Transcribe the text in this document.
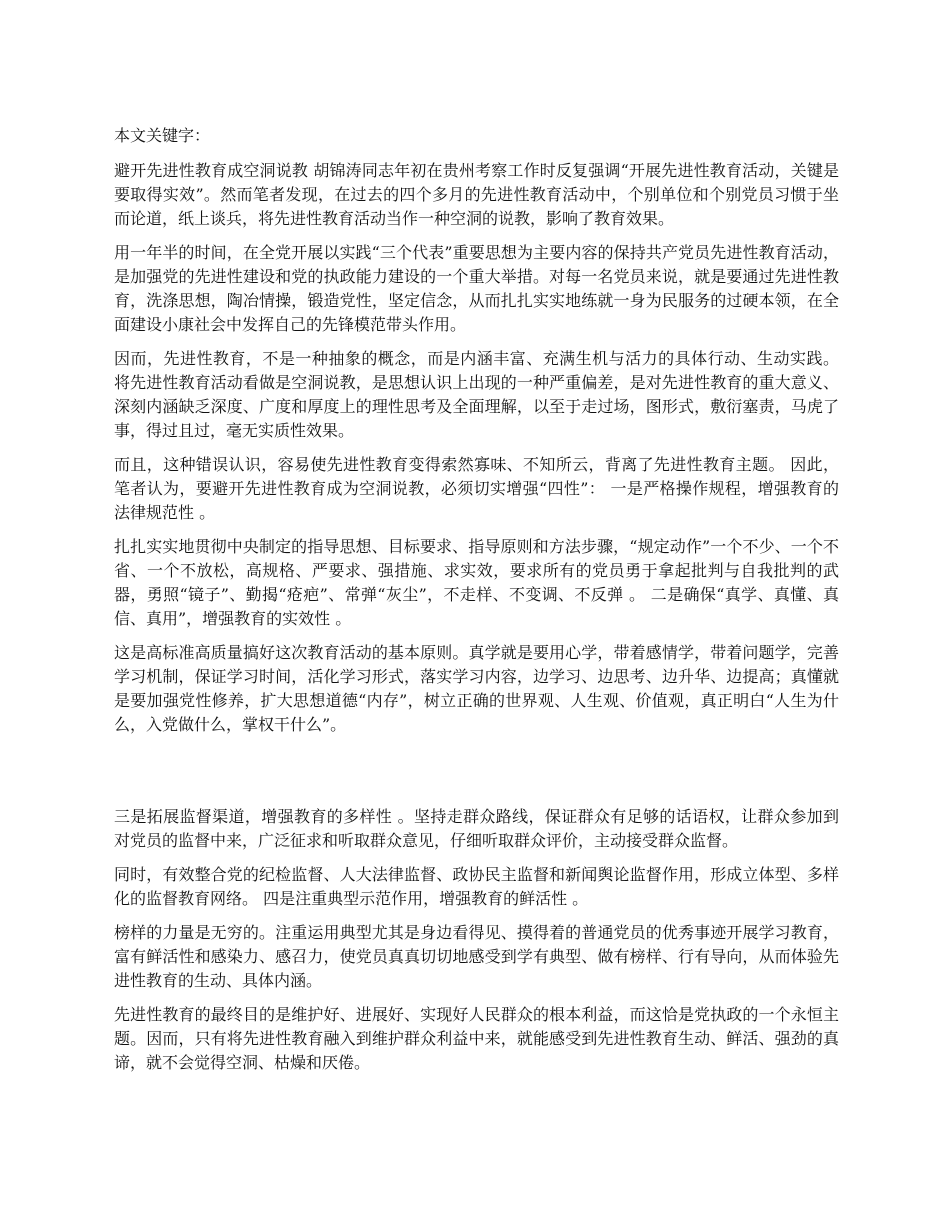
本文关键字：

避开先进性教育成空洞说教 胡锦涛同志年初在贵州考察工作时反复强调“开展先进性教育活动，关键是要取得实效”。然而笔者发现，在过去的四个多月的先进性教育活动中，个别单位和个别党员习惯于坐而论道，纸上谈兵，将先进性教育活动当作一种空洞的说教，影响了教育效果。

用一年半的时间，在全党开展以实践“三个代表”重要思想为主要内容的保持共产党员先进性教育活动，是加强党的先进性建设和党的执政能力建设的一个重大举措。对每一名党员来说，就是要通过先进性教育，洗涤思想，陶冶情操，锻造党性，坚定信念，从而扎扎实实地练就一身为民服务的过硬本领，在全面建设小康社会中发挥自己的先锋模范带头作用。

因而，先进性教育，不是一种抽象的概念，而是内涵丰富、充满生机与活力的具体行动、生动实践。 将先进性教育活动看做是空洞说教，是思想认识上出现的一种严重偏差，是对先进性教育的重大意义、深刻内涵缺乏深度、广度和厚度上的理性思考及全面理解，以至于走过场，图形式，敷衍塞责，马虎了事，得过且过，毫无实质性效果。

而且，这种错误认识，容易使先进性教育变得索然寡味、不知所云，背离了先进性教育主题。 因此，笔者认为，要避开先进性教育成为空洞说教，必须切实增强“四性”： 一是严格操作规程，增强教育的法律规范性 。

扎扎实实地贯彻中央制定的指导思想、目标要求、指导原则和方法步骤，“规定动作”一个不少、一个不省、一个不放松，高规格、严要求、强措施、求实效，要求所有的党员勇于拿起批判与自我批判的武器，勇照“镜子”、勤揭“疮疤”、常弹“灰尘”，不走样、不变调、不反弹 。 二是确保“真学、真懂、真信、真用”，增强教育的实效性 。

这是高标准高质量搞好这次教育活动的基本原则。真学就是要用心学，带着感情学，带着问题学，完善学习机制，保证学习时间，活化学习形式，落实学习内容，边学习、边思考、边升华、边提高；真懂就是要加强党性修养，扩大思想道德“内存”，树立正确的世界观、人生观、价值观，真正明白“人生为什么，入党做什么，掌权干什么”。

三是拓展监督渠道，增强教育的多样性 。坚持走群众路线，保证群众有足够的话语权，让群众参加到对党员的监督中来，广泛征求和听取群众意见，仔细听取群众评价，主动接受群众监督。

同时，有效整合党的纪检监督、人大法律监督、政协民主监督和新闻舆论监督作用，形成立体型、多样化的监督教育网络。 四是注重典型示范作用，增强教育的鲜活性 。

榜样的力量是无穷的。注重运用典型尤其是身边看得见、摸得着的普通党员的优秀事迹开展学习教育，富有鲜活性和感染力、感召力，使党员真真切切地感受到学有典型、做有榜样、行有导向，从而体验先进性教育的生动、具体内涵。

先进性教育的最终目的是维护好、进展好、实现好人民群众的根本利益，而这恰是党执政的一个永恒主题。因而，只有将先进性教育融入到维护群众利益中来，就能感受到先进性教育生动、鲜活、强劲的真谛，就不会觉得空洞、枯燥和厌倦。
